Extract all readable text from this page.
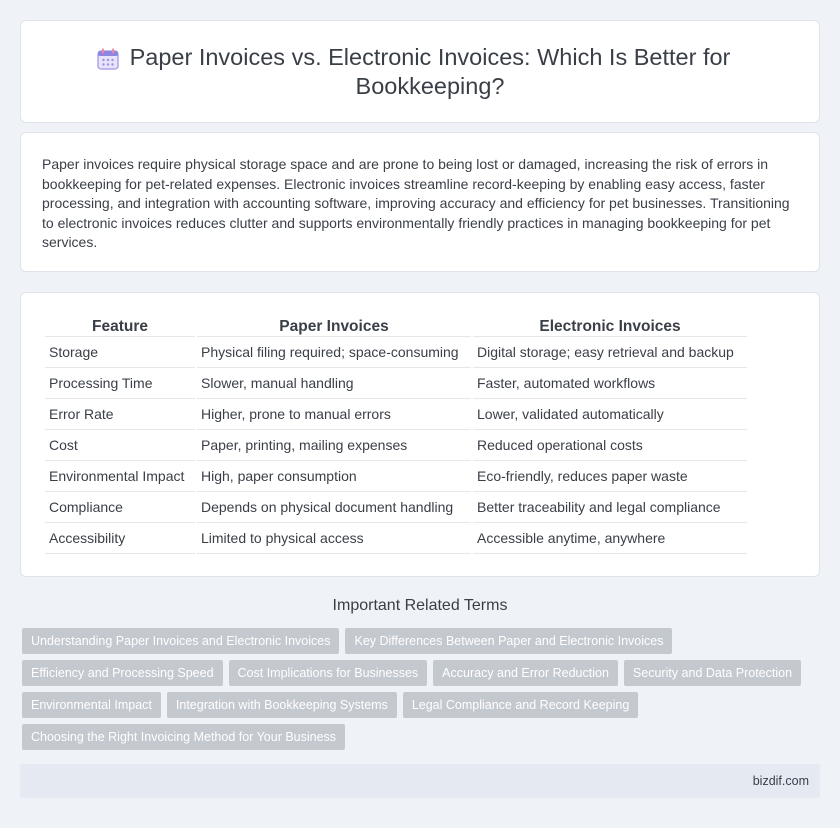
Paper Invoices vs. Electronic Invoices: Which Is Better for Bookkeeping?

Paper invoices require physical storage space and are prone to being lost or damaged, increasing the risk of errors in bookkeeping for pet-related expenses. Electronic invoices streamline record-keeping by enabling easy access, faster processing, and integration with accounting software, improving accuracy and efficiency for pet businesses. Transitioning to electronic invoices reduces clutter and supports environmentally friendly practices in managing bookkeeping for pet services.

Feature	Paper Invoices	Electronic Invoices
Storage	Physical filing required; space-consuming	Digital storage; easy retrieval and backup
Processing Time	Slower, manual handling	Faster, automated workflows
Error Rate	Higher, prone to manual errors	Lower, validated automatically
Cost	Paper, printing, mailing expenses	Reduced operational costs
Environmental Impact	High, paper consumption	Eco-friendly, reduces paper waste
Compliance	Depends on physical document handling	Better traceability and legal compliance
Accessibility	Limited to physical access	Accessible anytime, anywhere
Important Related Terms
Understanding Paper Invoices and Electronic Invoices	Key Differences Between Paper and Electronic Invoices
Efficiency and Processing Speed	Cost Implications for Businesses	Accuracy and Error Reduction	Security and Data Protection
Environmental Impact	Integration with Bookkeeping Systems	Legal Compliance and Record Keeping
Choosing the Right Invoicing Method for Your Business
bizdif.com
